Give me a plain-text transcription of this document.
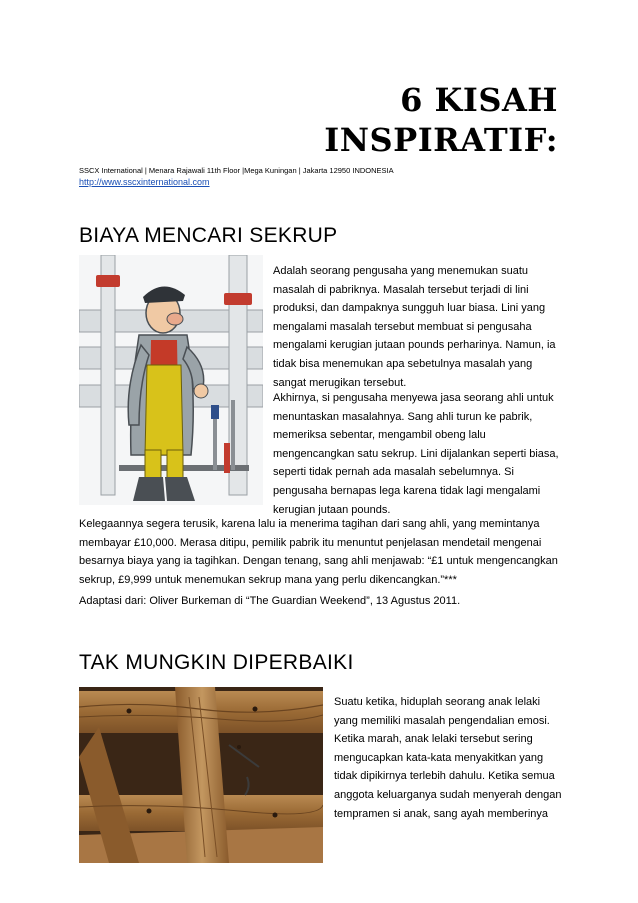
6 KISAH
INSPIRATIF:
SSCX International | Menara Rajawali 11th Floor |Mega Kuningan | Jakarta 12950 INDONESIA
http://www.sscxinternational.com
BIAYA MENCARI SEKRUP
Adalah seorang pengusaha yang menemukan suatu masalah di pabriknya. Masalah tersebut terjadi di lini produksi, dan dampaknya sungguh luar biasa. Lini yang mengalami masalah tersebut membuat si pengusaha mengalami kerugian jutaan pounds perharinya. Namun, ia tidak bisa menemukan apa sebetulnya masalah yang sangat merugikan tersebut.
Akhirnya, si pengusaha menyewa jasa seorang ahli untuk menuntaskan masalahnya. Sang ahli turun ke pabrik, memeriksa sebentar, mengambil obeng lalu mengencangkan satu sekrup. Lini dijalankan seperti biasa, seperti tidak pernah ada masalah sebelumnya. Si pengusaha bernapas lega karena tidak lagi mengalami kerugian jutaan pounds.
Kelegaannya segera terusik, karena lalu ia menerima tagihan dari sang ahli, yang memintanya membayar £10,000. Merasa ditipu, pemilik pabrik itu menuntut penjelasan mendetail mengenai besarnya biaya yang ia tagihkan. Dengan tenang, sang ahli menjawab: “£1 untuk mengencangkan sekrup, £9,999 untuk menemukan sekrup mana yang perlu dikencangkan.”***
Adaptasi dari: Oliver Burkeman di “The Guardian Weekend”, 13 Agustus 2011.
TAK MUNGKIN DIPERBAIKI
Suatu ketika, hiduplah seorang anak lelaki yang memiliki masalah pengendalian emosi. Ketika marah, anak lelaki tersebut sering mengucapkan kata-kata menyakitkan yang tidak dipikirnya terlebih dahulu. Ketika semua anggota keluarganya sudah menyerah dengan tempramen si anak, sang ayah memberinya
